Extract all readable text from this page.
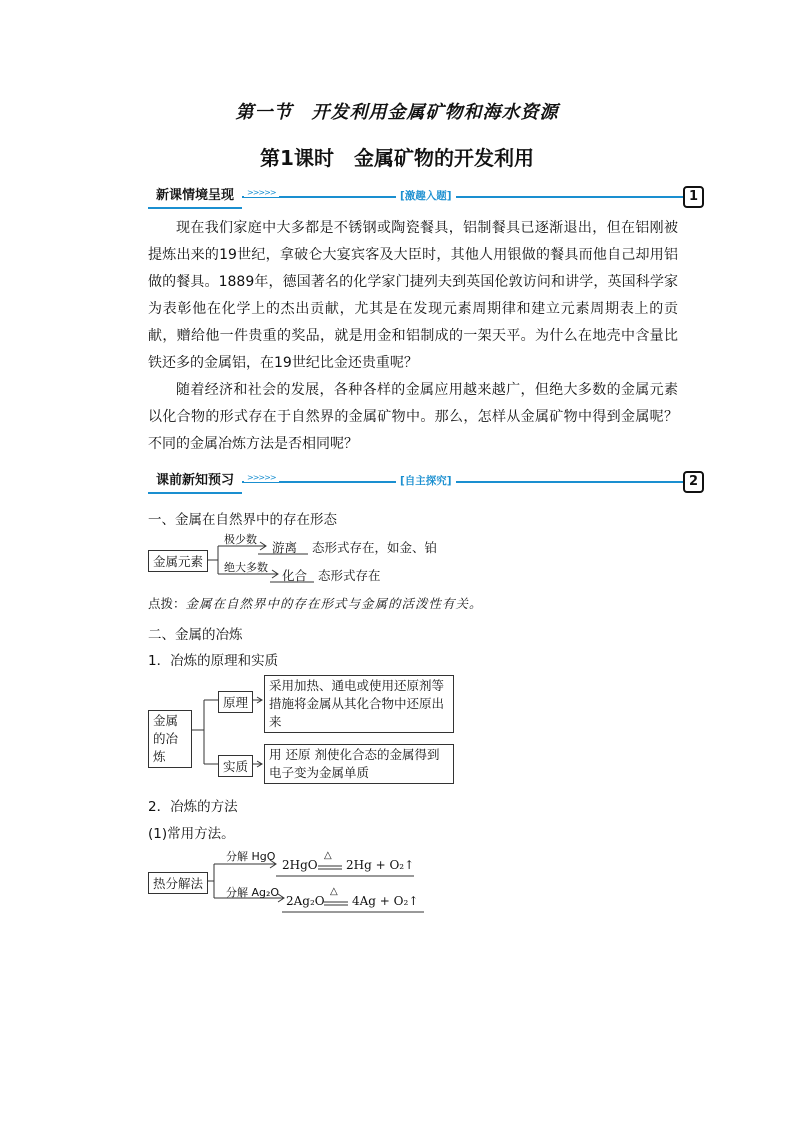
第一节　开发利用金属矿物和海水资源
第1课时　金属矿物的开发利用
新课情境呈现	>>>>>	[激趣入题]	1
现在我们家庭中大多都是不锈钢或陶瓷餐具，铝制餐具已逐渐退出，但在铝刚被提炼出来的19世纪，拿破仑大宴宾客及大臣时，其他人用银做的餐具而他自己却用铝做的餐具。1889年，德国著名的化学家门捷列夫到英国伦敦访问和讲学，英国科学家为表彰他在化学上的杰出贡献，尤其是在发现元素周期律和建立元素周期表上的贡献，赠给他一件贵重的奖品，就是用金和铝制成的一架天平。为什么在地壳中含量比铁还多的金属铝，在19世纪比金还贵重呢？
随着经济和社会的发展，各种各样的金属应用越来越广，但绝大多数的金属元素以化合物的形式存在于自然界的金属矿物中。那么，怎样从金属矿物中得到金属呢？不同的金属冶炼方法是否相同呢？
课前新知预习	>>>>>	[自主探究]	2
一、金属在自然界中的存在形态
金属元素
极少数
游离 态形式存在，如金、铂
绝大多数
化合 态形式存在
点拨：金属在自然界中的存在形式与金属的活泼性有关。
二、金属的冶炼
1．冶炼的原理和实质
金属的冶炼
原理
采用加热、通电或使用还原剂等措施将金属从其化合物中还原出来
实质
用 还原 剂使化合态的金属得到电子变为金属单质
2．冶炼的方法
(1)常用方法。
热分解法
分解 HgO
2HgO
△
2Hg + O₂↑
分解 Ag₂O
2Ag₂O
△
4Ag + O₂↑
